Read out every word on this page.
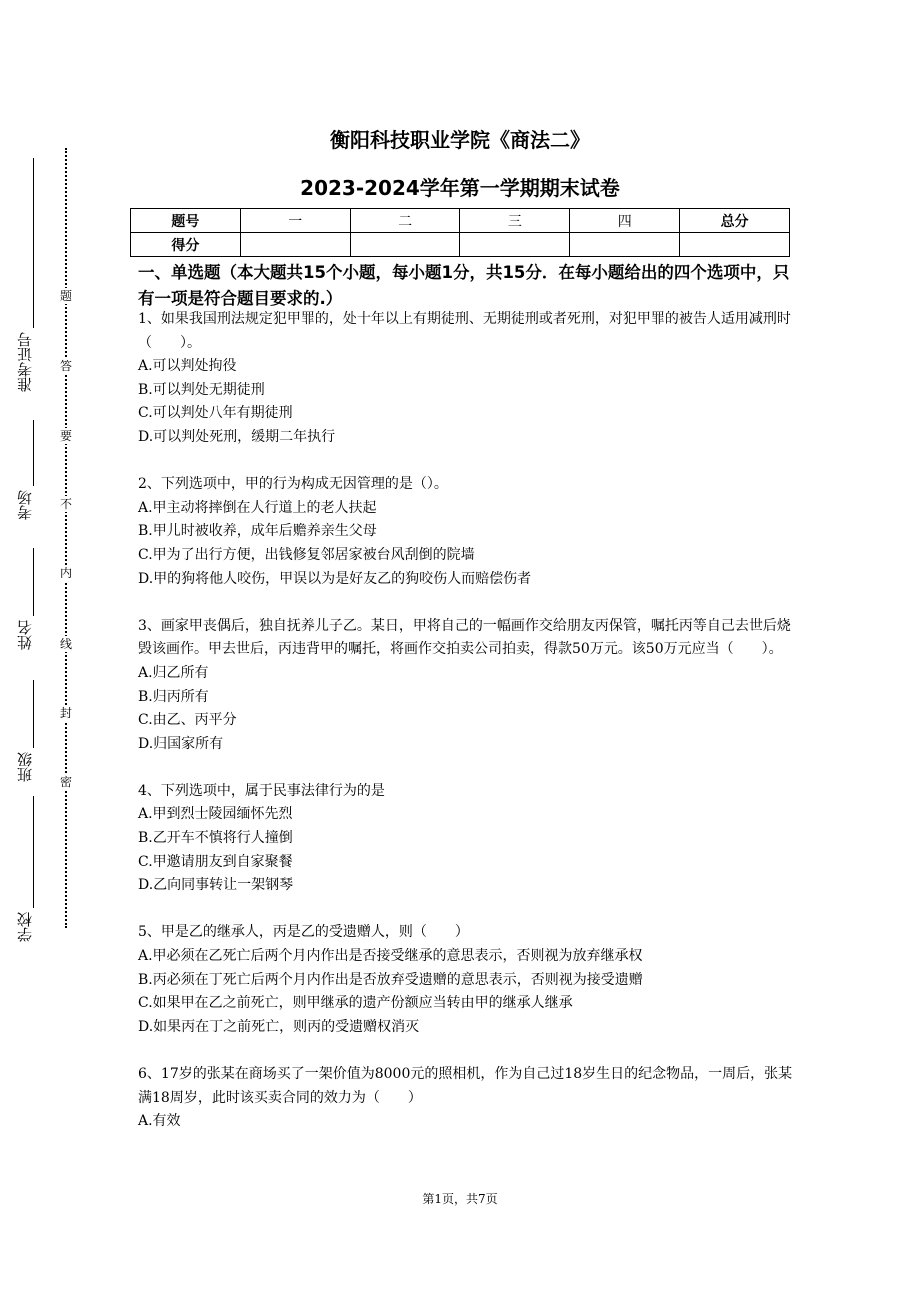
准考证号
考场
姓名
班级
学校
题
答
要
不
内
线
封
密
衡阳科技职业学院《商法二》
2023-2024学年第一学期期末试卷
题号	一	二	三	四	总分
得分					
一、单选题（本大题共15个小题，每小题1分，共15分．在每小题给出的四个选项中，只有一项是符合题目要求的.）

1、如果我国刑法规定犯甲罪的，处十年以上有期徒刑、无期徒刑或者死刑，对犯甲罪的被告人适用减刑时（　　）。

A.可以判处拘役

B.可以判处无期徒刑

C.可以判处八年有期徒刑

D.可以判处死刑，缓期二年执行

2、下列选项中，甲的行为构成无因管理的是（）。

A.甲主动将摔倒在人行道上的老人扶起

B.甲儿时被收养，成年后赡养亲生父母

C.甲为了出行方便，出钱修复邻居家被台风刮倒的院墙

D.甲的狗将他人咬伤，甲误以为是好友乙的狗咬伤人而赔偿伤者

3、画家甲丧偶后，独自抚养儿子乙。某日，甲将自己的一幅画作交给朋友丙保管，嘱托丙等自己去世后烧毁该画作。甲去世后，丙违背甲的嘱托，将画作交拍卖公司拍卖，得款50万元。该50万元应当（　　）。

A.归乙所有

B.归丙所有

C.由乙、丙平分

D.归国家所有

4、下列选项中，属于民事法律行为的是

A.甲到烈士陵园缅怀先烈

B.乙开车不慎将行人撞倒

C.甲邀请朋友到自家聚餐

D.乙向同事转让一架钢琴

5、甲是乙的继承人，丙是乙的受遗赠人，则（　　）

A.甲必须在乙死亡后两个月内作出是否接受继承的意思表示，否则视为放弃继承权

B.丙必须在丁死亡后两个月内作出是否放弃受遗赠的意思表示，否则视为接受遗赠

C.如果甲在乙之前死亡，则甲继承的遗产份额应当转由甲的继承人继承

D.如果丙在丁之前死亡，则丙的受遗赠权消灭

6、17岁的张某在商场买了一架价值为8000元的照相机，作为自己过18岁生日的纪念物品，一周后，张某满18周岁，此时该买卖合同的效力为（　　）

A.有效

第1页，共7页
